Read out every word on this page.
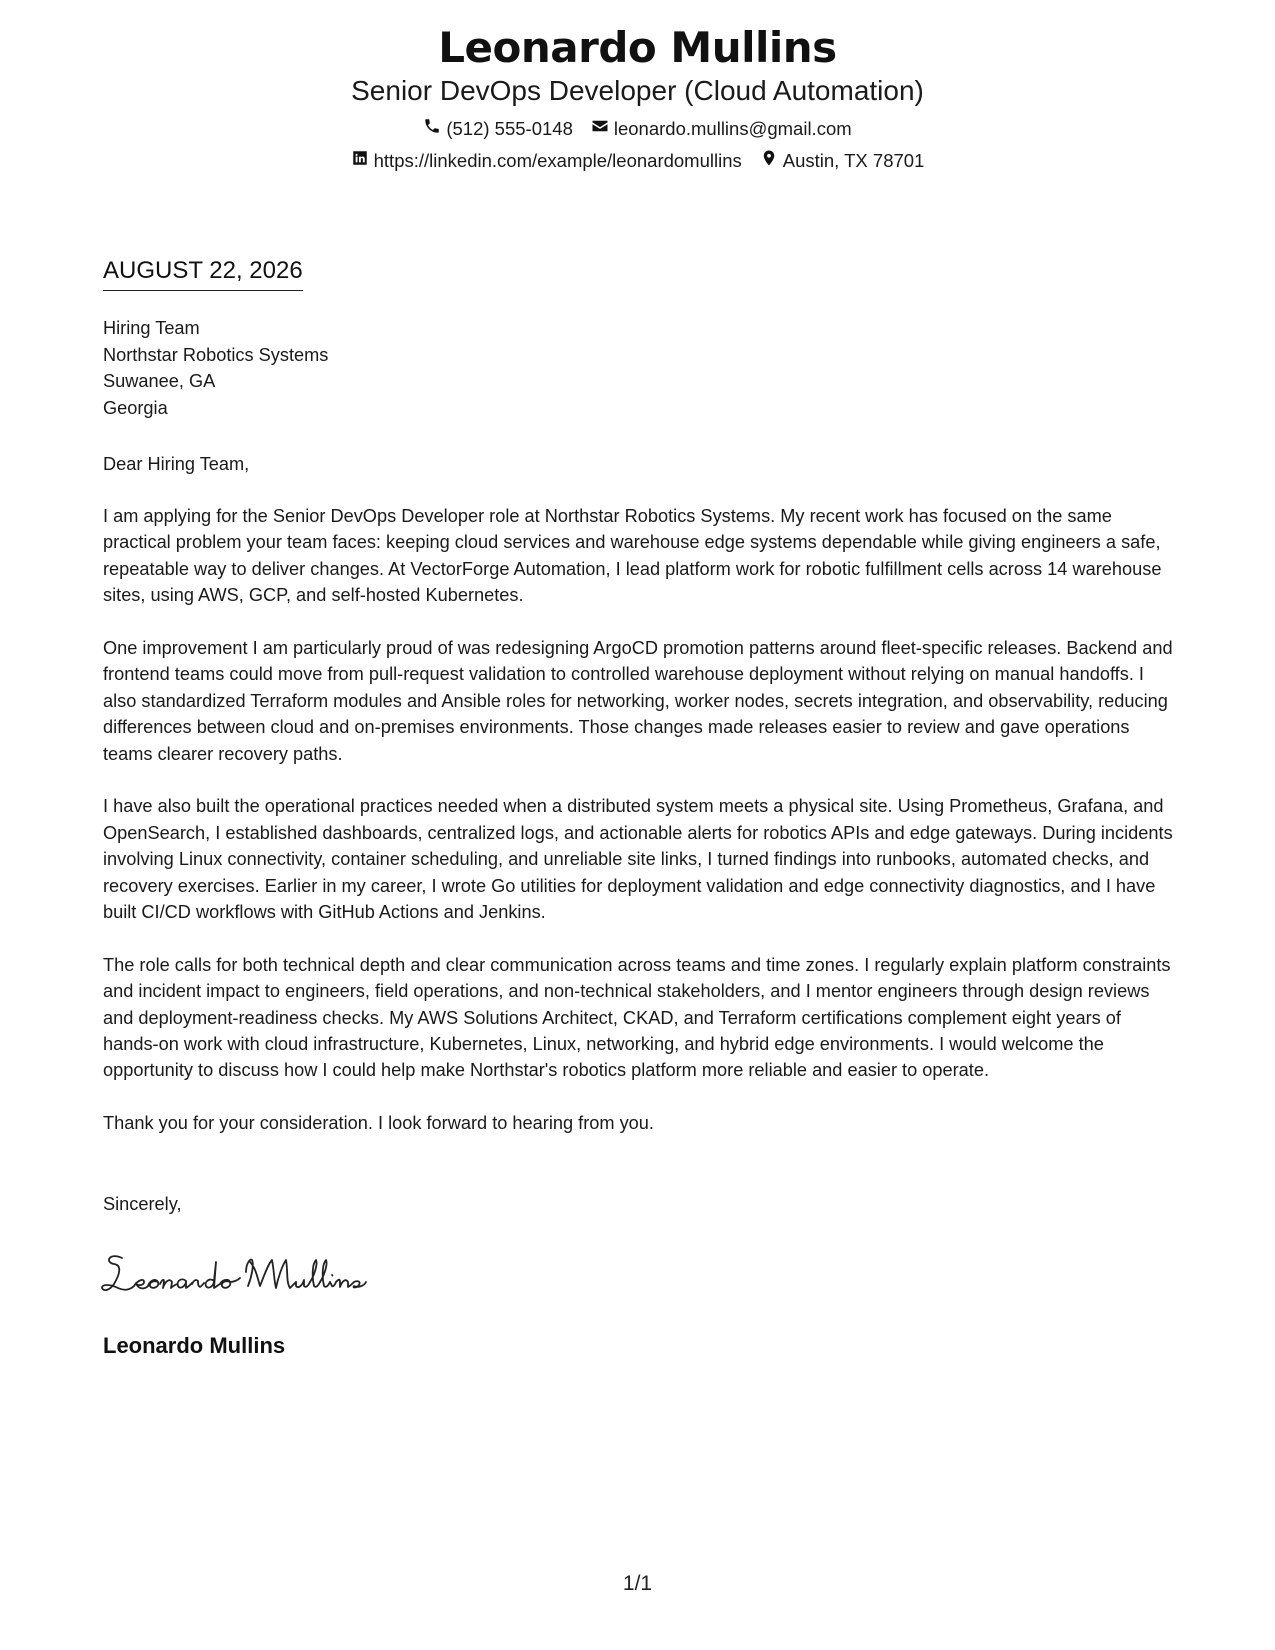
Leonardo Mullins
Senior DevOps Developer (Cloud Automation)
(512) 555-0148 leonardo.mullins@gmail.com
https://linkedin.com/example/leonardomullins Austin, TX 78701
AUGUST 22, 2026
Hiring Team
Northstar Robotics Systems
Suwanee, GA
Georgia
Dear Hiring Team,

I am applying for the Senior DevOps Developer role at Northstar Robotics Systems. My recent work has focused on the same practical problem your team faces: keeping cloud services and warehouse edge systems dependable while giving engineers a safe, repeatable way to deliver changes. At VectorForge Automation, I lead platform work for robotic fulfillment cells across 14 warehouse sites, using AWS, GCP, and self-hosted Kubernetes.

One improvement I am particularly proud of was redesigning ArgoCD promotion patterns around fleet-specific releases. Backend and frontend teams could move from pull-request validation to controlled warehouse deployment without relying on manual handoffs. I also standardized Terraform modules and Ansible roles for networking, worker nodes, secrets integration, and observability, reducing differences between cloud and on-premises environments. Those changes made releases easier to review and gave operations teams clearer recovery paths.

I have also built the operational practices needed when a distributed system meets a physical site. Using Prometheus, Grafana, and OpenSearch, I established dashboards, centralized logs, and actionable alerts for robotics APIs and edge gateways. During incidents involving Linux connectivity, container scheduling, and unreliable site links, I turned findings into runbooks, automated checks, and recovery exercises. Earlier in my career, I wrote Go utilities for deployment validation and edge connectivity diagnostics, and I have built CI/CD workflows with GitHub Actions and Jenkins.

The role calls for both technical depth and clear communication across teams and time zones. I regularly explain platform constraints and incident impact to engineers, field operations, and non-technical stakeholders, and I mentor engineers through design reviews and deployment-readiness checks. My AWS Solutions Architect, CKAD, and Terraform certifications complement eight years of hands-on work with cloud infrastructure, Kubernetes, Linux, networking, and hybrid edge environments. I would welcome the opportunity to discuss how I could help make Northstar's robotics platform more reliable and easier to operate.

Thank you for your consideration. I look forward to hearing from you.

Sincerely,
Leonardo Mullins
1/1
